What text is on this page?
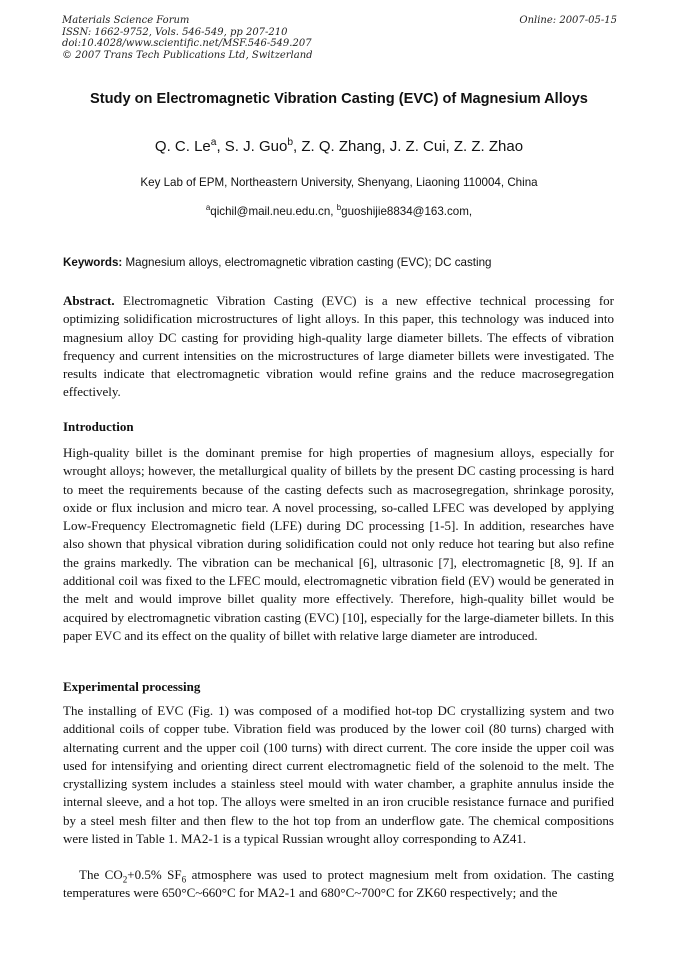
Materials Science Forum
ISSN: 1662-9752, Vols. 546-549, pp 207-210
doi:10.4028/www.scientific.net/MSF.546-549.207
© 2007 Trans Tech Publications Ltd, Switzerland
Online: 2007-05-15
Study on Electromagnetic Vibration Casting (EVC) of Magnesium Alloys
Q. C. Le$^a$, S. J. Guo$^b$, Z. Q. Zhang, J. Z. Cui, Z. Z. Zhao
Key Lab of EPM, Northeastern University, Shenyang, Liaoning 110004, China
$^a$qichil@mail.neu.edu.cn, $^b$guoshijie8834@163.com,
Keywords: Magnesium alloys, electromagnetic vibration casting (EVC); DC casting
Abstract. Electromagnetic Vibration Casting (EVC) is a new effective technical processing for optimizing solidification microstructures of light alloys. In this paper, this technology was induced into magnesium alloy DC casting for providing high-quality large diameter billets. The effects of vibration frequency and current intensities on the microstructures of large diameter billets were investigated. The results indicate that electromagnetic vibration would refine grains and the reduce macrosegregation effectively.
Introduction
High-quality billet is the dominant premise for high properties of magnesium alloys, especially for wrought alloys; however, the metallurgical quality of billets by the present DC casting processing is hard to meet the requirements because of the casting defects such as macrosegregation, shrinkage porosity, oxide or flux inclusion and micro tear. A novel processing, so-called LFEC was developed by applying Low-Frequency Electromagnetic field (LFE) during DC processing [1-5]. In addition, researches have also shown that physical vibration during solidification could not only reduce hot tearing but also refine the grains markedly. The vibration can be mechanical [6], ultrasonic [7], electromagnetic [8, 9]. If an additional coil was fixed to the LFEC mould, electromagnetic vibration field (EV) would be generated in the melt and would improve billet quality more effectively. Therefore, high-quality billet would be acquired by electromagnetic vibration casting (EVC) [10], especially for the large-diameter billets. In this paper EVC and its effect on the quality of billet with relative large diameter are introduced.
Experimental processing
The installing of EVC (Fig. 1) was composed of a modified hot-top DC crystallizing system and two additional coils of copper tube. Vibration field was produced by the lower coil (80 turns) charged with alternating current and the upper coil (100 turns) with direct current. The core inside the upper coil was used for intensifying and orienting direct current electromagnetic field of the solenoid to the melt. The crystallizing system includes a stainless steel mould with water chamber, a graphite annulus inside the internal sleeve, and a hot top. The alloys were smelted in an iron crucible resistance furnace and purified by a steel mesh filter and then flew to the hot top from an underflow gate. The chemical compositions were listed in Table 1. MA2-1 is a typical Russian wrought alloy corresponding to AZ41.
The $CO_2+0.5\%$ $SF_6$ atmosphere was used to protect magnesium melt from oxidation. The casting temperatures were 650°C~660°C for MA2-1 and 680°C~700°C for ZK60 respectively; and the
